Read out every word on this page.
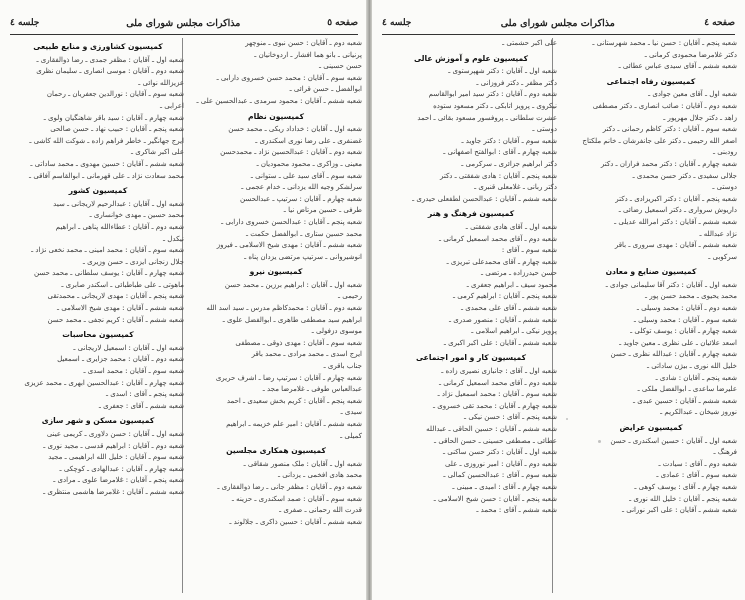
صفحه ٥
مذاکرات مجلس شورای ملی
جلسه ٤
شعبه دوم ـ آقایان : حسن نبوی ـ منوچهر
پرنیانی ـ بانو هما افشار ـ اردوخانیان ـ
حسن حسینی ـ
شعبه سوم ـ آقایان : محمد حسن خسروی دارابی ـ
ابوالفضل ـ حسن قرائی ـ
شعبه ششم ـ آقایان : محمود سرمدی ـ عبدالحسین علی ـ
کمیسیون نظام
شعبه اول ـ آقایان : خداداد ریکی ـ محمد حسن
غضنفری ـ علی رضا نوری اسکندری ـ
شعبه دوم ـ آقایان : عبدالحسین نژاد ـ محمدحسن
معینی ـ وزاکری ـ محمود محمودیان ـ
شعبه سوم ـ آقای سید علی ـ ستوانی ـ
سرلشکر وجیه الله یزدانی ـ خدام عجمی ـ
شعبه چهارم ـ آقایان : سرتیپ ـ عبدالحسن
طرفی ـ حسین مرتاض نیا ـ
شعبه پنجم ـ آقایان : عبدالحسن خسروی دارابی ـ
محمد حسین ستاری ـ ابوالفضل حکمت ـ
شعبه ششم ـ آقایان : مهدی شیخ الاسلامی ـ فیروز
انوشیروانی ـ سرتیپ مرتضی یزدان پناه ـ
کمیسیون نیرو
شعبه اول ـ آقایان : ابراهیم برزین ـ محمد حسن
رحیمی ـ
شعبه دوم ـ آقایان : محمدکاظم مدرس ـ سید اسد الله
ابراهیم سید مصطفی طاهری ـ ابوالفضل علوی ـ
موسوی دزفولی ـ
شعبه سوم ـ آقایان : مهدی ذوقی ـ مصطفی
ایرج اسدی ـ محمد مرادی ـ محمد باقر
جناب باقری ـ
شعبه چهارم ـ آقایان : سرتیپ رضا ـ اشرف حریری
عبدالعباس طوفی ـ غلامرضا مجد ـ
شعبه پنجم ـ آقایان : کریم بخش سعیدی ـ احمد
سیدی ـ
شعبه ششم ـ آقایان : امیر علم خزیمه ـ ابراهیم
کمیلی ـ
کمیسیون همکاری مجلسین
شعبه اول ـ آقایان : ملک منصور شقاقی ـ
محمد هادی افخمی ـ یزدانی ـ
شعبه دوم ـ آقایان : مظفر جانی ـ رضا ذوالفقاری ـ
شعبه سوم ـ آقایان : صمد اسکندری ـ حزینه ـ
قدرت الله رحمانی ـ صفری ـ
شعبه ششم ـ آقایان : حسین ذاکری ـ جلالوند ـ
کمیسیون کشاورزی و منابع طبیعی
شعبه اول ـ آقایان : مظفر جمدی ـ رضا ذوالفقاری ـ
شعبه دوم ـ آقایان : موسی انصاری ـ سلیمان نظری
عزیزالله نوائی ـ
شعبه سوم ـ آقایان : نورالدین جعفریان ـ رحمان
اعرابی ـ
شعبه چهارم ـ آقایان : سید باقر شاهنگیان ولوی ـ
شعبه پنجم ـ آقایان : حبیب نهاد ـ حسن صالحی
ایرج جهانگیر ـ خاطر فراهم زاده ـ شوکت الله کاشی ـ
علی اکبر شاکری ـ
شعبه ششم ـ آقایان : حسین مهدوی ـ محمد ساداتی ـ
محمد سعادت نژاد ـ علی قهرمانی ـ ابوالقاسم آفاقی ـ
کمیسیون کشور
شعبه اول ـ آقایان : عبدالرحیم لاریجانی ـ سید
محمد حسین ـ مهدی خوانساری ـ
شعبه دوم ـ آقایان : عطاءالله پناهی ـ ابراهیم
نیکدل ـ
شعبه سوم ـ آقایان : محمد امینی ـ محمد نخعی نژاد ـ
جلال زنجانی ایزدی ـ حسن وزیری ـ
شعبه چهارم ـ آقایان : یوسف سلطانی ـ محمد حسن
ماهوتی ـ علی طباطبائی ـ اسکندر صابری ـ
شعبه پنجم ـ آقایان : مهدی لاریجانی ـ محمدتقی
شعبه ششم ـ آقایان : مهدی شیخ الاسلامی ـ
شعبه ششم ـ آقایان : کریم نجفی ـ محمد حسن
کمیسیون محاسبات
شعبه اول ـ آقایان : اسمعیل لاریجانی ـ
شعبه دوم ـ آقایان : محمد جزایری ـ اسمعیل
شعبه سوم ـ آقایان : محمد اسدی ـ
شعبه چهارم ـ آقایان : عبدالحسین ابهری ـ محمد عزیزی
شعبه پنجم ـ آقای : اسدی ـ
شعبه ششم ـ آقای : جعفری ـ
کمیسیون مسکن و شهر سازی
شعبه اول ـ آقایان : حسن دلاوری ـ کریمی عینی
شعبه دوم ـ آقایان : ابراهیم قدسی ـ مجید نوری ـ
شعبه سوم ـ آقایان : خلیل الله ابراهیمی ـ مجید
شعبه چهارم ـ آقایان : عبدالهادی ـ کوچکی ـ
شعبه پنجم ـ آقایان : غلامرضا علوی ـ مرادی ـ
شعبه ششم ـ آقایان : غلامرضا هاشمی منتظری ـ
صفحه ٤
مذاکرات مجلس شورای ملی
جلسه ٤
شعبه پنجم ـ آقایان : حسن نیا ـ محمد شهرستانی ـ
دکتر غلامرضا محمودی کرمانی ـ
شعبه ششم ـ آقای سیدی عباس عطائی ـ
کمیسیون رفاه اجتماعی
شعبه اول ـ آقای معین جوادی ـ
شعبه دوم ـ آقایان : صائب انصاری ـ دکتر مصطفی
زاهد ـ دکتر جلال مهرپور ـ
شعبه سوم ـ آقایان : دکتر کاظم رحمانی ـ دکتر
اصغر الله رحیمی ـ دکتر علی جانفرشان ـ خانم ملکتاج
رودبنی ـ
شعبه چهارم ـ آقایان : دکتر محمد فرازان ـ دکتر
جلالی سفیدی ـ دکتر حسن محمدی ـ
دوستی ـ
شعبه پنجم ـ آقایان : دکتر اکبریزادی ـ دکتر
داریوش سرواری ـ دکتر اسمعیل رضائی ـ
شعبه ششم ـ آقایان : دکتر امرالله عدیلی ـ
نژاد عبدالله ـ
شعبه ششم ـ آقایان : مهدی سروری ـ باقر
سرکوبی ـ
کمیسیون صنایع و معادن
شعبه اول ـ آقایان : دکتر آقا سلیمانی جوادی ـ
محمد یحیوی ـ محمد حسن پور ـ
شعبه دوم ـ آقایان : محمد وسیلی ـ
شعبه سوم ـ آقایان : محمد وسیلی ـ
شعبه چهارم ـ آقایان : یوسف توکلی ـ
اسعد علائیان ـ علی نظری ـ معین جاوید ـ
شعبه چهارم ـ آقایان : عبدالله نظری ـ حسن
خلیل الله نوری ـ بیژن ساداتی ـ
شعبه پنجم ـ آقایان : شادی ـ
علیرضا ساعدی ـ ابوالفضل ملکی ـ
شعبه ششم ـ آقایان : حسین عبدی ـ
نوروز شیخان ـ عبدالکریم ـ
کمیسیون عرایض
شعبه اول ـ آقایان : حسین اسکندری ـ حسن
فرهنگ ـ
شعبه دوم ـ آقای : سیادت ـ
شعبه سوم ـ آقای : عمادی ـ
شعبه چهارم ـ آقای : یوسف کوهی ـ
شعبه پنجم ـ آقایان : خلیل الله نوری ـ
شعبه ششم ـ آقایان : علی اکبر نورانی ـ
علی اکبر حشمتی ـ
کمیسیون علوم و آموزش عالی
شعبه اول ـ آقایان : دکتر شهپرستوی ـ
دکتر مظفر ـ دکتر فروزانی ـ
شعبه دوم ـ آقایان : دکتر سید امیر ابوالقاسم
نیکروی ـ پرویز اتابکی ـ دکتر مسعود ستوده
عشرت سلطانی ـ پروفسور مسعود بقائی ـ احمد
دوستی ـ
شعبه سوم ـ آقایان : دکتر جاوید ـ
شعبه چهارم ـ آقای : ابوالفتح اصفهانی ـ
دکتر ابراهیم جزائری ـ سرکرمی ـ
شعبه پنجم ـ آقایان : هادی شفقتی ـ دکتر
دکتر ربانی ـ غلامعلی قنبری ـ
شعبه ششم ـ آقایان : عبدالحسن لطفعلی حیدری ـ
کمیسیون فرهنگ و هنر
شعبه اول ـ آقای هادی شفقتی ـ
شعبه دوم ـ آقای محمد اسمعیل کرمانی ـ
شعبه سوم ـ آقای :
شعبه چهارم ـ آقای محمدعلی تبریزی ـ
حسن حیدرزاده ـ مرتضی ـ
محمود سیف ـ ابراهیم جعفری ـ
شعبه پنجم ـ آقایان : ابراهیم کرمی ـ
شعبه ششم ـ آقای علی محمدی ـ
شعبه ششم ـ آقایان : منصور صدری ـ
پرویز نیکی ـ ابراهیم اسلامی ـ
شعبه ششم ـ آقایان : علی اکبر اکبری ـ
کمیسیون کار و امور اجتماعی
شعبه اول ـ آقای : جانبازی نصیری زاده ـ
شعبه دوم ـ آقای محمد اسمعیل کرمانی ـ
شعبه سوم ـ آقایان : محمد اسمعیل نژاد ـ
شعبه چهارم ـ آقایان : محمد تقی خسروی ـ
شعبه پنجم ـ آقای : حسن نیکی ـ
شعبه ششم ـ آقایان : حسین الحاقی ـ عبدالله
عطائی ـ مصطفی حسینی ـ حسن الحاقی ـ
شعبه اول ـ آقایان : دکتر حسن ساکنی ـ
شعبه دوم ـ آقایان : امیر نوروزی ـ علی
شعبه سوم ـ آقای : عبدالحسین کمالی ـ
شعبه چهارم ـ آقای : امیدی ـ مبینی ـ
شعبه پنجم ـ آقایان : حسن شیخ الاسلامی ـ
شعبه ششم ـ آقای : محمد ـ
